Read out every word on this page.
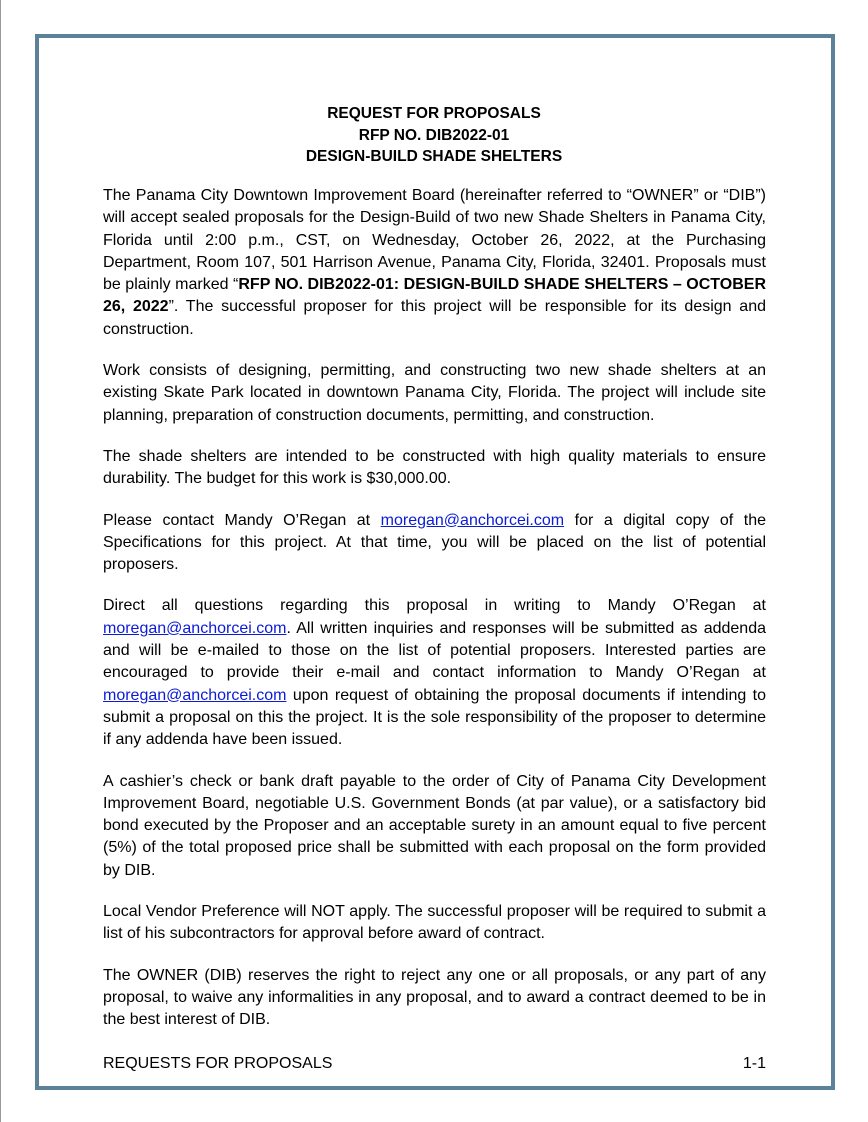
REQUEST FOR PROPOSALS
RFP NO. DIB2022-01
DESIGN-BUILD SHADE SHELTERS

The Panama City Downtown Improvement Board (hereinafter referred to “OWNER” or “DIB”) will accept sealed proposals for the Design-Build of two new Shade Shelters in Panama City, Florida until 2:00 p.m., CST, on Wednesday, October 26, 2022, at the Purchasing Department, Room 107, 501 Harrison Avenue, Panama City, Florida, 32401. Proposals must be plainly marked “RFP NO. DIB2022-01: DESIGN-BUILD SHADE SHELTERS – OCTOBER 26, 2022”. The successful proposer for this project will be responsible for its design and construction.

Work consists of designing, permitting, and constructing two new shade shelters at an existing Skate Park located in downtown Panama City, Florida. The project will include site planning, preparation of construction documents, permitting, and construction.

The shade shelters are intended to be constructed with high quality materials to ensure durability. The budget for this work is $30,000.00.

Please contact Mandy O’Regan at moregan@anchorcei.com for a digital copy of the Specifications for this project. At that time, you will be placed on the list of potential proposers.

Direct all questions regarding this proposal in writing to Mandy O’Regan at moregan@anchorcei.com. All written inquiries and responses will be submitted as addenda and will be e-mailed to those on the list of potential proposers. Interested parties are encouraged to provide their e-mail and contact information to Mandy O’Regan at moregan@anchorcei.com upon request of obtaining the proposal documents if intending to submit a proposal on this the project. It is the sole responsibility of the proposer to determine if any addenda have been issued.

A cashier’s check or bank draft payable to the order of City of Panama City Development Improvement Board, negotiable U.S. Government Bonds (at par value), or a satisfactory bid bond executed by the Proposer and an acceptable surety in an amount equal to five percent (5%) of the total proposed price shall be submitted with each proposal on the form provided by DIB.

Local Vendor Preference will NOT apply. The successful proposer will be required to submit a list of his subcontractors for approval before award of contract.

The OWNER (DIB) reserves the right to reject any one or all proposals, or any part of any proposal, to waive any informalities in any proposal, and to award a contract deemed to be in the best interest of DIB.

REQUESTS FOR PROPOSALS	1-1
